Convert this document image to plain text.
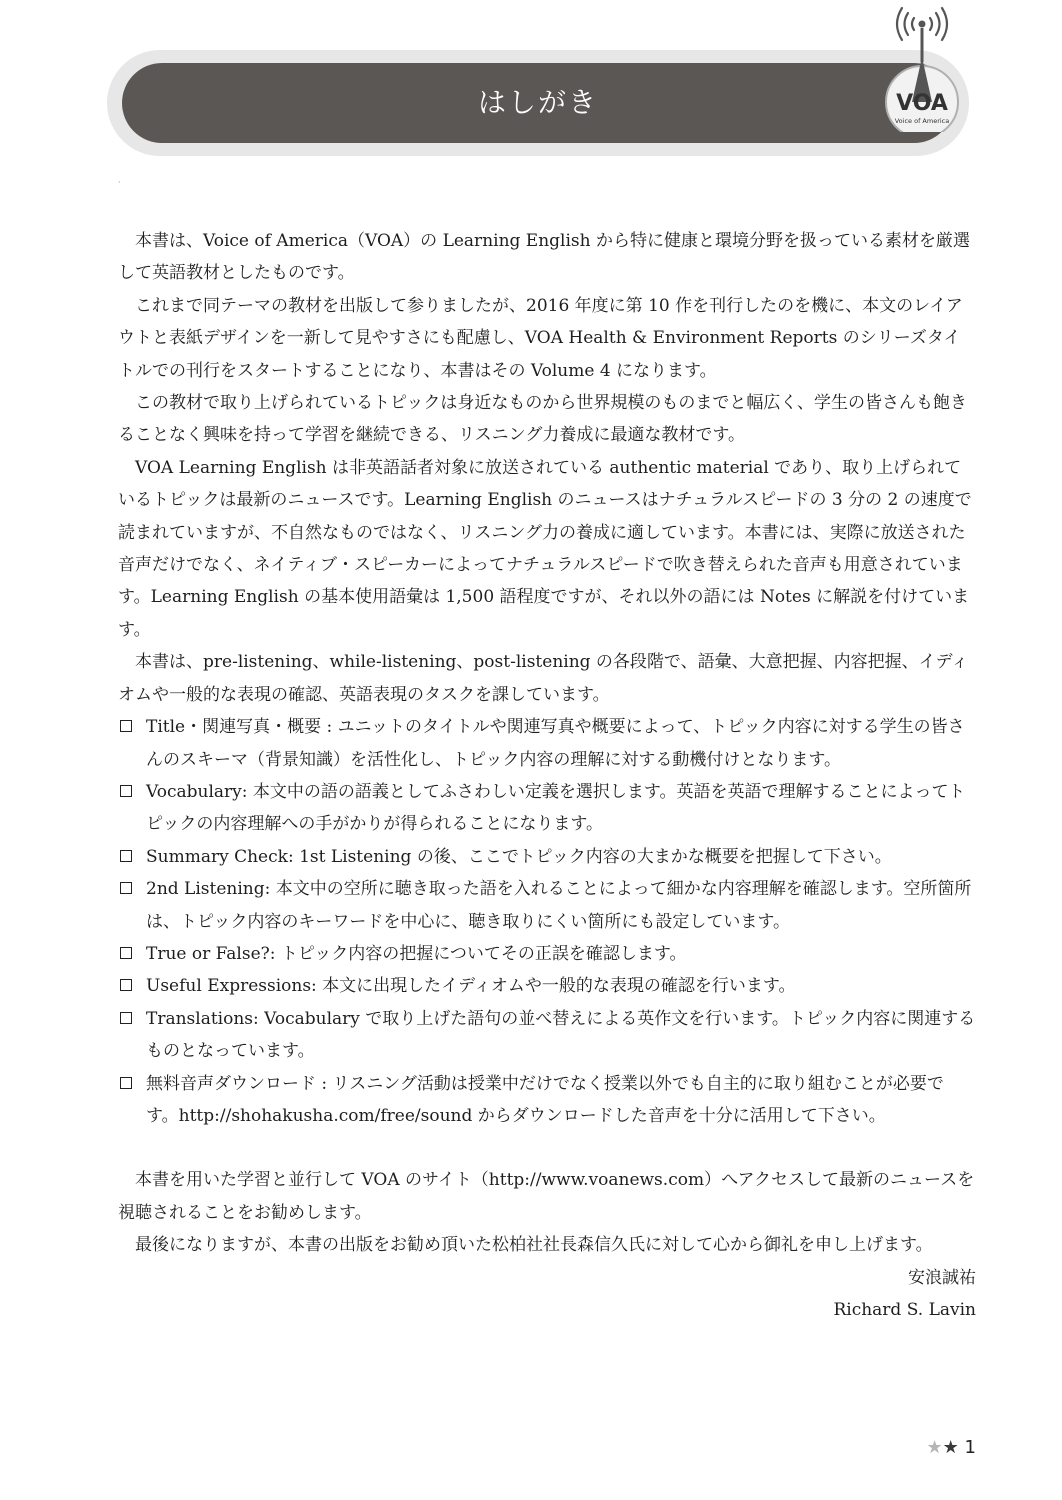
はしがき	VOA
Voice of America
·

本書は、Voice of America（VOA）の Learning English から特に健康と環境分野を扱っている素材を厳選して英語教材としたものです。

これまで同テーマの教材を出版して参りましたが、2016 年度に第 10 作を刊行したのを機に、本文のレイアウトと表紙デザインを一新して見やすさにも配慮し、VOA Health & Environment Reports のシリーズタイトルでの刊行をスタートすることになり、本書はその Volume 4 になります。

この教材で取り上げられているトピックは身近なものから世界規模のものまでと幅広く、学生の皆さんも飽きることなく興味を持って学習を継続できる、リスニング力養成に最適な教材です。

VOA Learning English は非英語話者対象に放送されている authentic material であり、取り上げられているトピックは最新のニュースです。Learning English のニュースはナチュラルスピードの 3 分の 2 の速度で読まれていますが、不自然なものではなく、リスニング力の養成に適しています。本書には、実際に放送された音声だけでなく、ネイティブ・スピーカーによってナチュラルスピードで吹き替えられた音声も用意されています。Learning English の基本使用語彙は 1,500 語程度ですが、それ以外の語には Notes に解説を付けています。

本書は、pre-listening、while-listening、post-listening の各段階で、語彙、大意把握、内容把握、イディオムや一般的な表現の確認、英語表現のタスクを課しています。

Title・関連写真・概要 : ユニットのタイトルや関連写真や概要によって、トピック内容に対する学生の皆さんのスキーマ（背景知識）を活性化し、トピック内容の理解に対する動機付けとなります。
Vocabulary: 本文中の語の語義としてふさわしい定義を選択します。英語を英語で理解することによってトピックの内容理解への手がかりが得られることになります。
Summary Check: 1st Listening の後、ここでトピック内容の大まかな概要を把握して下さい。
2nd Listening: 本文中の空所に聴き取った語を入れることによって細かな内容理解を確認します。空所箇所は、トピック内容のキーワードを中心に、聴き取りにくい箇所にも設定しています。
True or False?: トピック内容の把握についてその正誤を確認します。
Useful Expressions: 本文に出現したイディオムや一般的な表現の確認を行います。
Translations: Vocabulary で取り上げた語句の並べ替えによる英作文を行います。トピック内容に関連するものとなっています。
無料音声ダウンロード : リスニング活動は授業中だけでなく授業以外でも自主的に取り組むことが必要です。http://shohakusha.com/free/sound からダウンロードした音声を十分に活用して下さい。

本書を用いた学習と並行して VOA のサイト（http://www.voanews.com）へアクセスして最新のニュースを視聴されることをお勧めします。

最後になりますが、本書の出版をお勧め頂いた松柏社社長森信久氏に対して心から御礼を申し上げます。

安浪誠祐

Richard S. Lavin

★★ 1
